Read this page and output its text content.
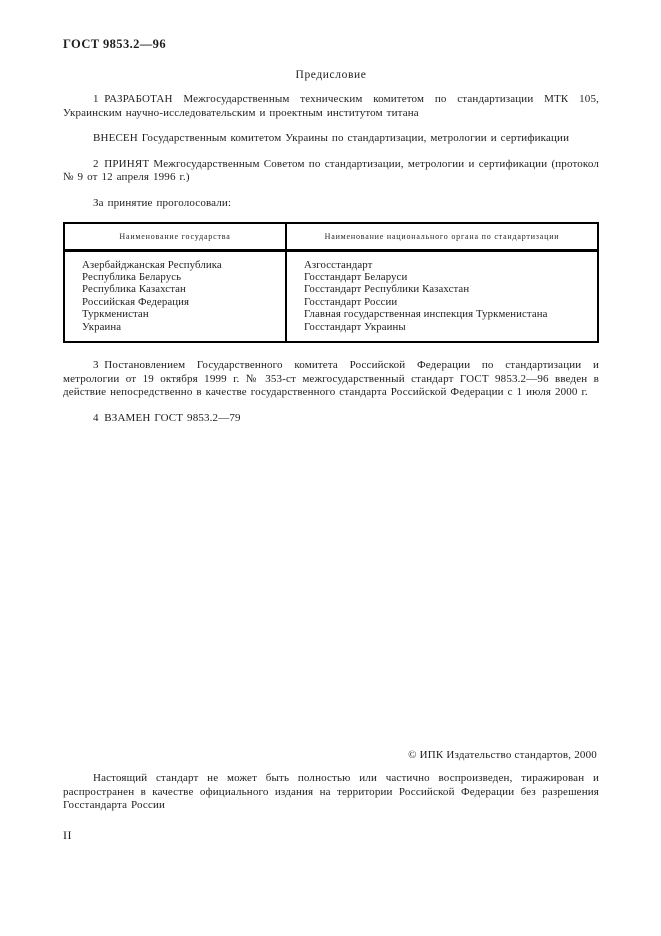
ГОСТ 9853.2—96
Предисловие

1 РАЗРАБОТАН Межгосударственным техническим комитетом по стандартизации МТК 105, Украинским научно-исследовательским и проектным институтом титана

ВНЕСЕН Государственным комитетом Украины по стандартизации, метрологии и сертификации

2 ПРИНЯТ Межгосударственным Советом по стандартизации, метрологии и сертификации (протокол № 9 от 12 апреля 1996 г.)

За принятие проголосовали:

Наименование государства	Наименование национального органа по стандартизации
Азербайджанская Республика	Азгосстандарт
Республика Беларусь	Госстандарт Беларуси
Республика Казахстан	Госстандарт Республики Казахстан
Российская Федерация	Госстандарт России
Туркменистан	Главная государственная инспекция Туркменистана
Украина	Госстандарт Украины

3 Постановлением Государственного комитета Российской Федерации по стандартизации и метрологии от 19 октября 1999 г. № 353-ст межгосударственный стандарт ГОСТ 9853.2—96 введен в действие непосредственно в качестве государственного стандарта Российской Федерации с 1 июля 2000 г.

4 ВЗАМЕН ГОСТ 9853.2—79

© ИПК Издательство стандартов, 2000

Настоящий стандарт не может быть полностью или частично воспроизведен, тиражирован и распространен в качестве официального издания на территории Российской Федерации без разрешения Госстандарта России

II
